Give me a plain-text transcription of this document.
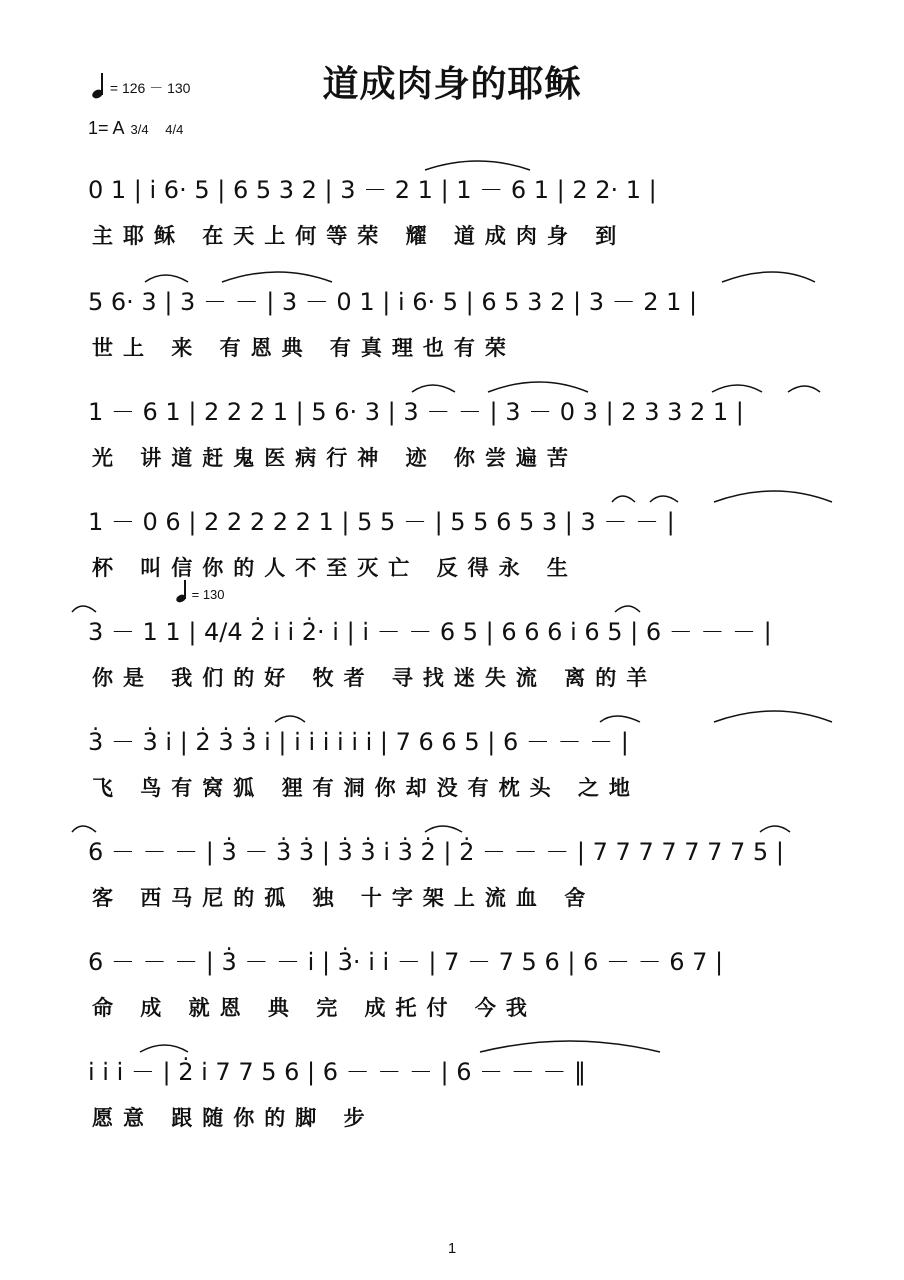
道成肉身的耶稣
= 126 － 130
1= A 3/4 　4/4
= 130
0 1 | i̇ 6· 5 | 6 5 3 2 | 3 － 2 1 | 1 － 6 1 | 2 2· 1 |
主耶稣 在天上何等荣 耀 道成肉身 到
5 6· 3 | 3 － － | 3 － 0 1 | i̇ 6· 5 | 6 5 3 2 | 3 － 2 1 |
世上 来 有恩典 有真理也有荣
1 － 6 1 | 2 2 2 1 | 5 6· 3 | 3 － － | 3 － 0 3 | 2 3 3 2 1 |
光 讲道赶鬼医病行神 迹 你尝遍苦
1 － 0 6 | 2 2 2 2 2 1 | 5 5 － | 5 5 6 5 3 | 3 － － |
杯 叫信你的人不至灭亡 反得永 生
3 － 1 1 | 4/4 2̇ i̇ i̇ 2̇· i̇ | i̇ － － 6 5 | 6 6 6 i̇ 6 5 | 6 － － － |
你是 我们的好 牧者 寻找迷失流 离的羊
3̇ － 3̇ i̇ | 2̇ 3̇ 3̇ i̇ | i̇ i̇ i̇ i̇ i̇ i̇ | 7 6 6 5 | 6 － － － |
飞 鸟有窝狐 狸有洞你却没有枕头 之地
6 － － － | 3̇ － 3̇ 3̇ | 3̇ 3̇ i̇ 3̇ 2̇ | 2̇ － － － | 7 7 7 7 7 7 7 5 |
客 西马尼的孤 独 十字架上流血 舍
6 － － － | 3̇ － － i̇ | 3̇· i̇ i̇ － | 7 － 7 5 6 | 6 － － 6 7 |
命 成 就恩 典 完 成托付 今我
i̇ i̇ i̇ － | 2̇ i̇ 7 7 5 6 | 6 － － － | 6 － － － ‖
愿意 跟随你的脚 步
1
